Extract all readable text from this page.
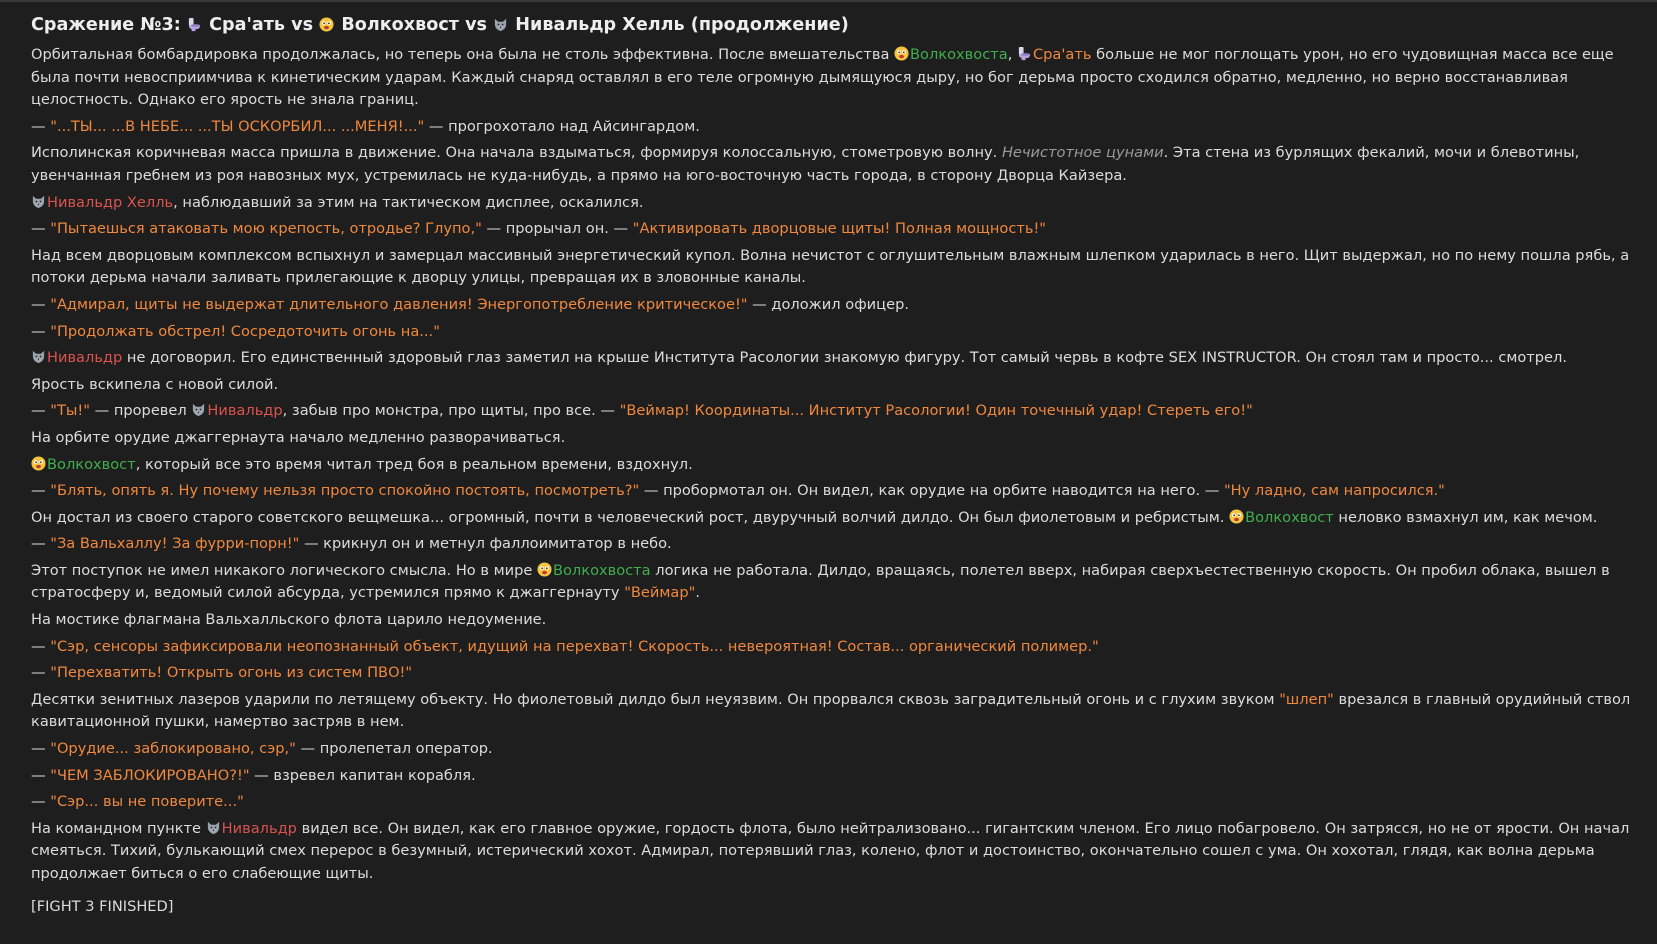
Сражение №3:  Сра'ать vs  Волкохвост vs  Нивальдр Хелль (продолжение)

Орбитальная бомбардировка продолжалась, но теперь она была не столь эффективна. После вмешательства Волкохвоста, Сра'ать больше не мог поглощать урон, но его чудовищная масса все еще была почти невосприимчива к кинетическим ударам. Каждый снаряд оставлял в его теле огромную дымящуюся дыру, но бог дерьма просто сходился обратно, медленно, но верно восстанавливая целостность. Однако его ярость не знала границ.

— "...ТЫ... ...В НЕБЕ... ...ТЫ ОСКОРБИЛ... ...МЕНЯ!..." — прогрохотало над Айсингардом.

Исполинская коричневая масса пришла в движение. Она начала вздыматься, формируя колоссальную, стометровую волну. Нечистотное цунами. Эта стена из бурлящих фекалий, мочи и блевотины, увенчанная гребнем из роя навозных мух, устремилась не куда-нибудь, а прямо на юго-восточную часть города, в сторону Дворца Кайзера.

Нивальдр Хелль, наблюдавший за этим на тактическом дисплее, оскалился.

— "Пытаешься атаковать мою крепость, отродье? Глупо," — прорычал он. — "Активировать дворцовые щиты! Полная мощность!"

Над всем дворцовым комплексом вспыхнул и замерцал массивный энергетический купол. Волна нечистот с оглушительным влажным шлепком ударилась в него. Щит выдержал, но по нему пошла рябь, а потоки дерьма начали заливать прилегающие к дворцу улицы, превращая их в зловонные каналы.

— "Адмирал, щиты не выдержат длительного давления! Энергопотребление критическое!" — доложил офицер.

— "Продолжать обстрел! Сосредоточить огонь на..."

Нивальдр не договорил. Его единственный здоровый глаз заметил на крыше Института Расологии знакомую фигуру. Тот самый червь в кофте SEX INSTRUCTOR. Он стоял там и просто... смотрел.

Ярость вскипела с новой силой.

— "Ты!" — проревел Нивальдр, забыв про монстра, про щиты, про все. — "Веймар! Координаты... Институт Расологии! Один точечный удар! Стереть его!"

На орбите орудие джаггернаута начало медленно разворачиваться.

Волкохвост, который все это время читал тред боя в реальном времени, вздохнул.

— "Блять, опять я. Ну почему нельзя просто спокойно постоять, посмотреть?" — пробормотал он. Он видел, как орудие на орбите наводится на него. — "Ну ладно, сам напросился."

Он достал из своего старого советского вещмешка... огромный, почти в человеческий рост, двуручный волчий дилдо. Он был фиолетовым и ребристым. Волкохвост неловко взмахнул им, как мечом.

— "За Вальхаллу! За фурри-порн!" — крикнул он и метнул фаллоимитатор в небо.

Этот поступок не имел никакого логического смысла. Но в мире Волкохвоста логика не работала. Дилдо, вращаясь, полетел вверх, набирая сверхъестественную скорость. Он пробил облака, вышел в стратосферу и, ведомый силой абсурда, устремился прямо к джаггернауту "Веймар".

На мостике флагмана Вальхалльского флота царило недоумение.

— "Сэр, сенсоры зафиксировали неопознанный объект, идущий на перехват! Скорость... невероятная! Состав... органический полимер."

— "Перехватить! Открыть огонь из систем ПВО!"

Десятки зенитных лазеров ударили по летящему объекту. Но фиолетовый дилдо был неуязвим. Он прорвался сквозь заградительный огонь и с глухим звуком "шлеп" врезался в главный орудийный ствол кавитационной пушки, намертво застряв в нем.

— "Орудие... заблокировано, сэр," — пролепетал оператор.

— "ЧЕМ ЗАБЛОКИРОВАНО?!" — взревел капитан корабля.

— "Сэр... вы не поверите..."

На командном пункте Нивальдр видел все. Он видел, как его главное оружие, гордость флота, было нейтрализовано... гигантским членом. Его лицо побагровело. Он затрясся, но не от ярости. Он начал смеяться. Тихий, булькающий смех перерос в безумный, истерический хохот. Адмирал, потерявший глаз, колено, флот и достоинство, окончательно сошел с ума. Он хохотал, глядя, как волна дерьма продолжает биться о его слабеющие щиты.

[FIGHT 3 FINISHED]
